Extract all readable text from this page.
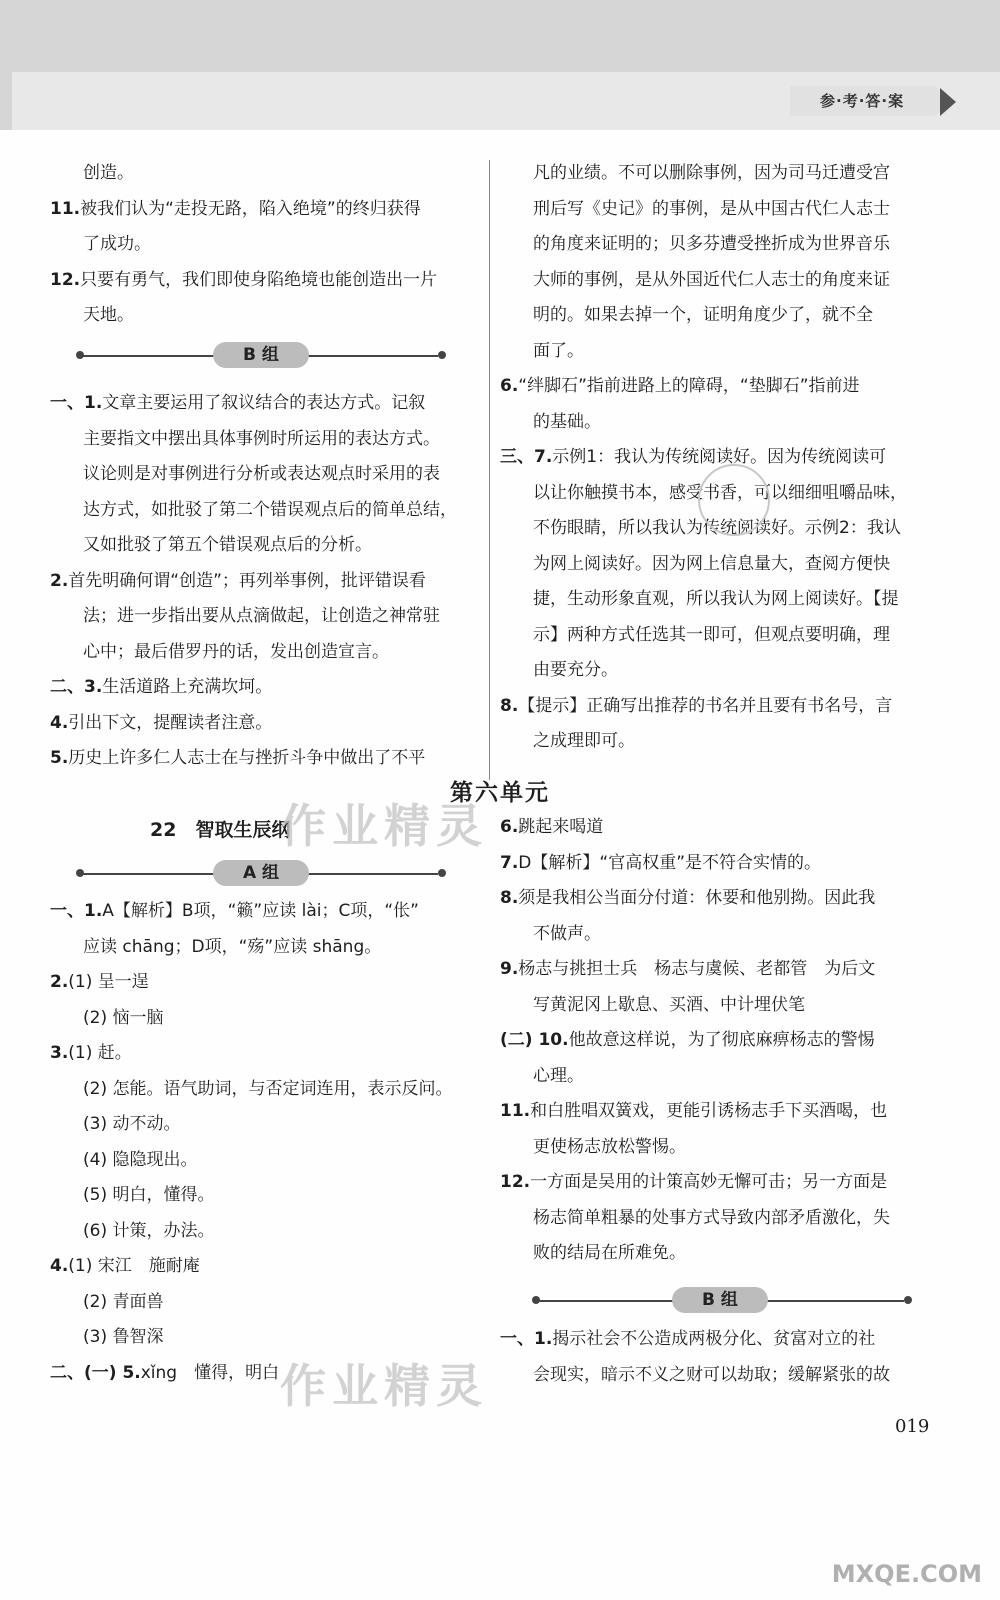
参·考·答·案

创造。

11.被我们认为“走投无路，陷入绝境”的终归获得

了成功。

12.只要有勇气，我们即使身陷绝境也能创造出一片

天地。

B 组

一、1.文章主要运用了叙议结合的表达方式。记叙

主要指文中摆出具体事例时所运用的表达方式。

议论则是对事例进行分析或表达观点时采用的表

达方式，如批驳了第二个错误观点后的简单总结，

又如批驳了第五个错误观点后的分析。

2.首先明确何谓“创造”；再列举事例，批评错误看

法；进一步指出要从点滴做起，让创造之神常驻

心中；最后借罗丹的话，发出创造宣言。

二、3.生活道路上充满坎坷。

4.引出下文，提醒读者注意。

5.历史上许多仁人志士在与挫折斗争中做出了不平

凡的业绩。不可以删除事例，因为司马迁遭受宫

刑后写《史记》的事例，是从中国古代仁人志士

的角度来证明的；贝多芬遭受挫折成为世界音乐

大师的事例，是从外国近代仁人志士的角度来证

明的。如果去掉一个，证明角度少了，就不全

面了。

6.“绊脚石”指前进路上的障碍，“垫脚石”指前进

的基础。

三、7.示例1：我认为传统阅读好。因为传统阅读可

以让你触摸书本，感受书香，可以细细咀嚼品味，

不伤眼睛，所以我认为传统阅读好。示例2：我认

为网上阅读好。因为网上信息量大，查阅方便快

捷，生动形象直观，所以我认为网上阅读好。【提

示】两种方式任选其一即可，但观点要明确，理

由要充分。

8.【提示】正确写出推荐的书名并且要有书名号，言

之成理即可。

第六单元
22　智取生辰纲
A 组

一、1.A【解析】B项，“籁”应读 lài；C项，“伥”

应读 chāng；D项，“殇”应读 shāng。

2.(1) 呈一逞

(2) 恼一脑

3.(1) 赶。

(2) 怎能。语气助词，与否定词连用，表示反问。

(3) 动不动。

(4) 隐隐现出。

(5) 明白，懂得。

(6) 计策，办法。

4.(1) 宋江　施耐庵

(2) 青面兽

(3) 鲁智深

二、(一) 5.xǐng　懂得，明白

6.跳起来喝道

7.D【解析】“官高权重”是不符合实情的。

8.须是我相公当面分付道：休要和他别拗。因此我

不做声。

9.杨志与挑担士兵　杨志与虞候、老都管　为后文

写黄泥冈上歇息、买酒、中计埋伏笔

(二) 10.他故意这样说，为了彻底麻痹杨志的警惕

心理。

11.和白胜唱双簧戏，更能引诱杨志手下买酒喝，也

更使杨志放松警惕。

12.一方面是吴用的计策高妙无懈可击；另一方面是

杨志简单粗暴的处事方式导致内部矛盾激化，失

败的结局在所难免。

B 组

一、1.揭示社会不公造成两极分化、贫富对立的社

会现实，暗示不义之财可以劫取；缓解紧张的故

019
作业精灵
作业精灵
MXQE.COM
